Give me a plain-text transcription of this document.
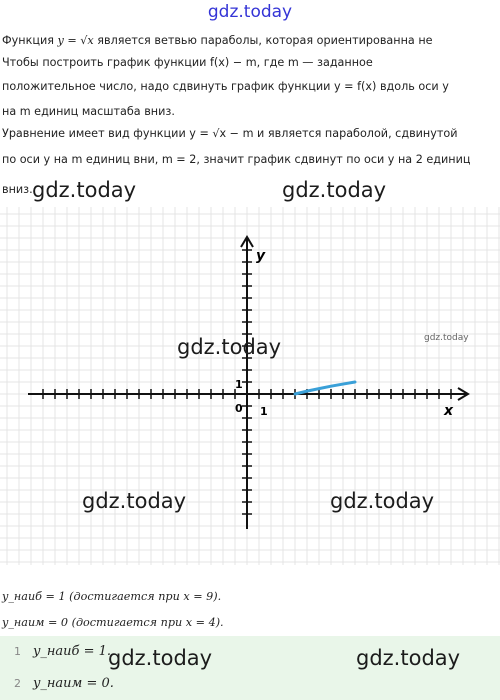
gdz.today
Функция y = √x является ветвью параболы, которая ориентированна не
Чтобы построить график функции f(x) − m, где m — заданное
положительное число, надо сдвинуть график функции y = f(x) вдоль оси y
на m единиц масштаба вниз.
Уравнение имеет вид функции y = √x − m и является параболой, сдвинутой
по оси y на m единиц вни, m = 2, значит график сдвинут по оси y на 2 единиц
вниз. gdz.today	gdz.today
y
x
0 1
1
gdz.today	gdz.today
gdz.today	gdz.today
y_наиб = 1 (достигается при x = 9).
y_наим = 0 (достигается при x = 4).
1 y_наиб = 1.
2 y_наим = 0.
gdz.today	gdz.today
